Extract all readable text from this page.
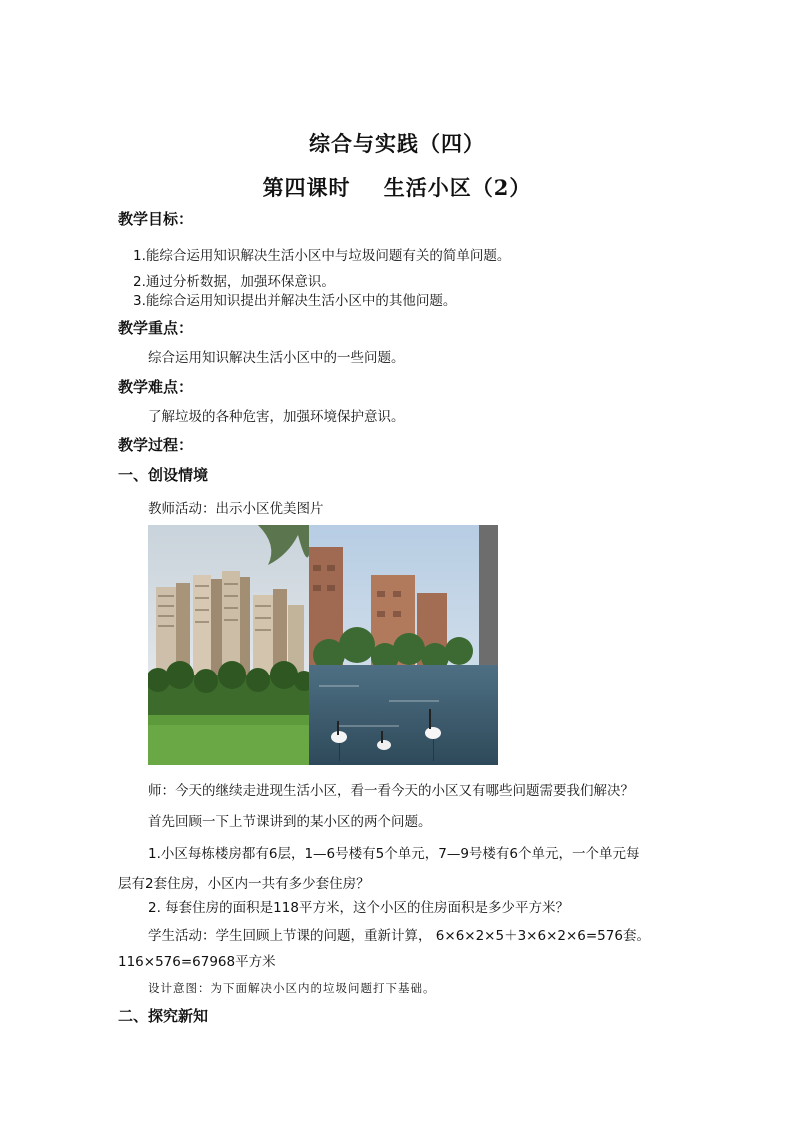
综合与实践（四）
第四课时    生活小区（2）
教学目标：
1.能综合运用知识解决生活小区中与垃圾问题有关的简单问题。
2.通过分析数据，加强环保意识。
3.能综合运用知识提出并解决生活小区中的其他问题。
教学重点：
综合运用知识解决生活小区中的一些问题。
教学难点：
了解垃圾的各种危害，加强环境保护意识。
教学过程：
一、创设情境
教师活动：出示小区优美图片
师：今天的继续走进现生活小区，看一看今天的小区又有哪些问题需要我们解决？
首先回顾一下上节课讲到的某小区的两个问题。
1.小区每栋楼房都有6层，1—6号楼有5个单元，7—9号楼有6个单元，一个单元每
层有2套住房，小区内一共有多少套住房？
2. 每套住房的面积是118平方米，这个小区的住房面积是多少平方米？
学生活动：学生回顾上节课的问题，重新计算， 6×6×2×5＋3×6×2×6=576套。
116×576=67968平方米
设计意图：为下面解决小区内的垃圾问题打下基础。
二、探究新知
